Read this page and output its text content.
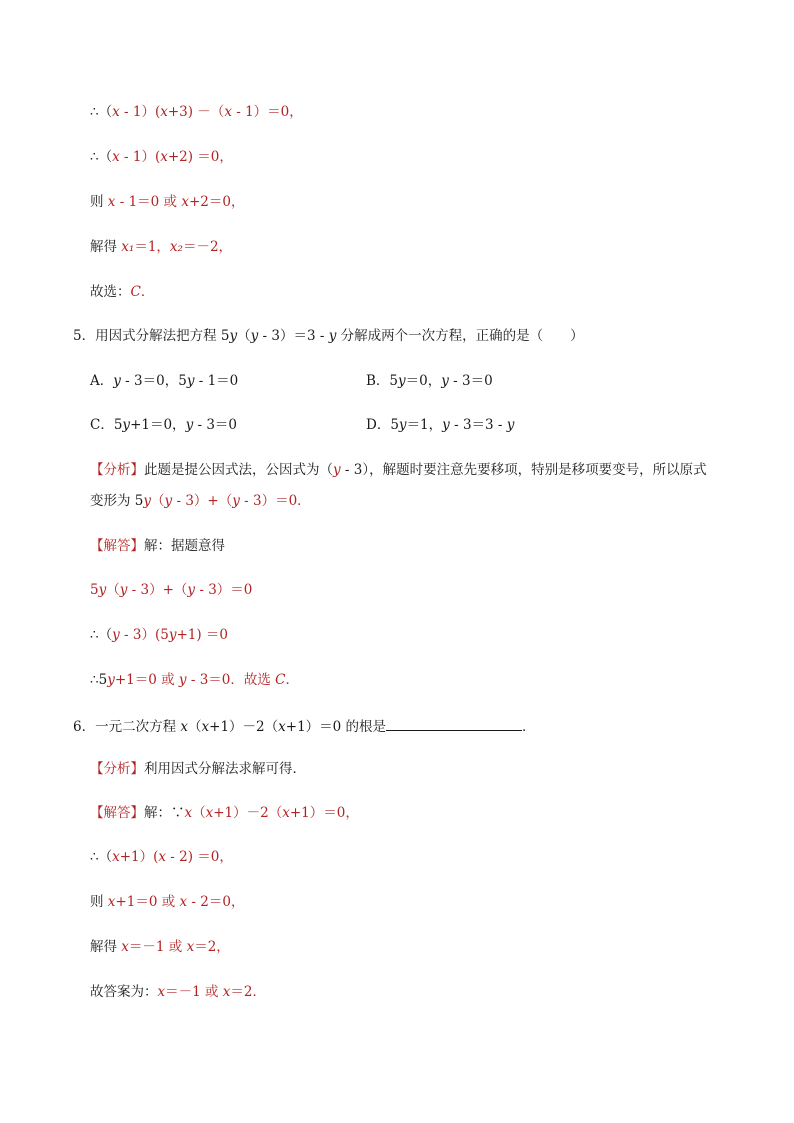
∴（x - 1）(x+3) －（x - 1）＝0，
∴（x - 1）(x+2) ＝0，
则 x - 1＝0 或 x+2＝0，
解得 x₁＝1，x₂＝－2，
故选：C．
5．用因式分解法把方程 5y（y - 3）＝3 - y 分解成两个一次方程，正确的是（　　）
C．5y+1＝0，y - 3＝0
【分析】此题是提公因式法，公因式为（y - 3），解题时要注意先要移项，特别是移项要变号，所以原式
变形为 5y（y - 3）+（y - 3）＝0．
【解答】解：据题意得
5y（y - 3）+（y - 3）＝0
∴（y - 3）(5y+1) ＝0
∴5y+1＝0 或 y - 3＝0．故选 C．
【分析】利用因式分解法求解可得．
【解答】解：∵x（x+1）－2（x+1）＝0，
∴（x+1）(x - 2) ＝0，
则 x+1＝0 或 x - 2＝0，
解得 x＝－1 或 x＝2，
故答案为：x＝－1 或 x＝2．
A．y - 3＝0，5y - 1＝0	B．5y＝0，y - 3＝0
D．5y＝1，y - 3＝3 - y
6．一元二次方程 x（x+1）－2（x+1）＝0 的根是	．
